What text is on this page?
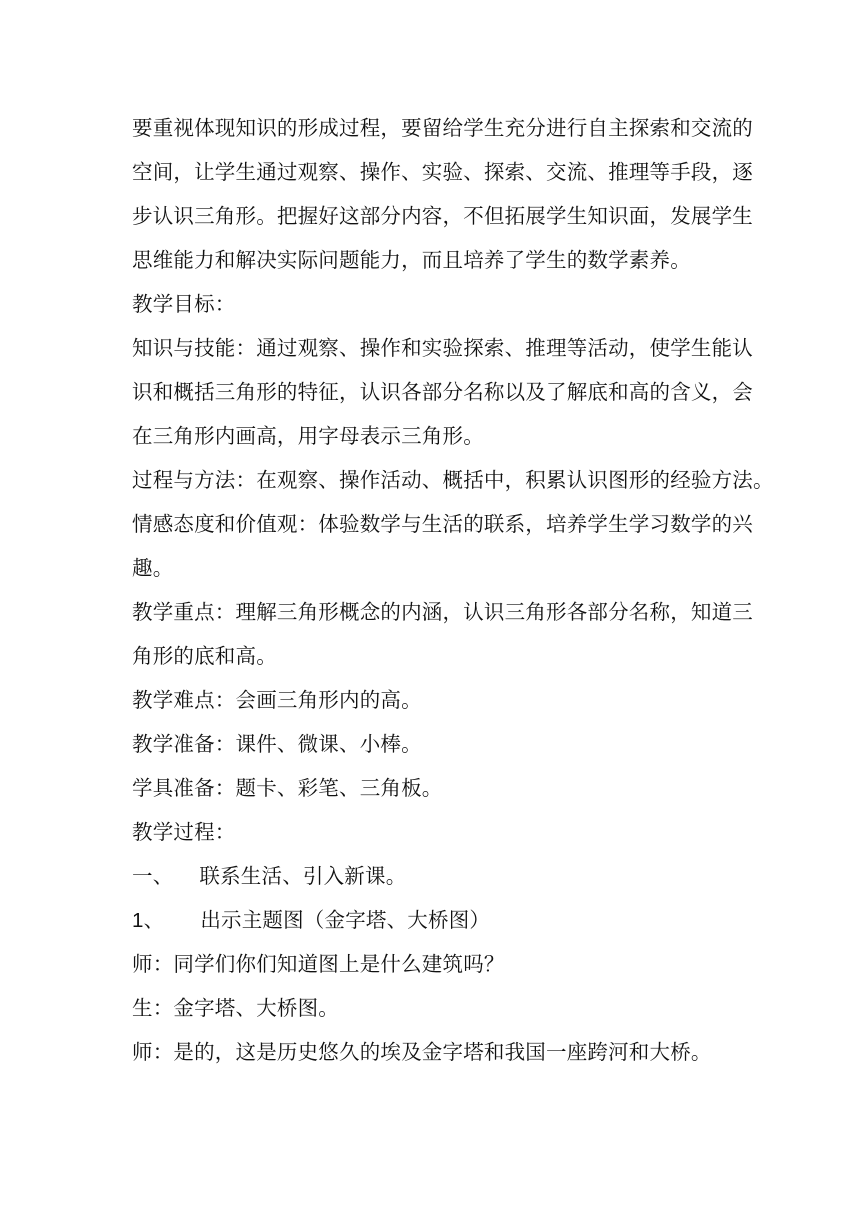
要重视体现知识的形成过程，要留给学生充分进行自主探索和交流的
空间，让学生通过观察、操作、实验、探索、交流、推理等手段，逐
步认识三角形。把握好这部分内容，不但拓展学生知识面，发展学生
思维能力和解决实际问题能力，而且培养了学生的数学素养。
教学目标：
知识与技能：通过观察、操作和实验探索、推理等活动，使学生能认
识和概括三角形的特征，认识各部分名称以及了解底和高的含义，会
在三角形内画高，用字母表示三角形。
过程与方法：在观察、操作活动、概括中，积累认识图形的经验方法。
情感态度和价值观：体验数学与生活的联系，培养学生学习数学的兴
趣。
教学重点：理解三角形概念的内涵，认识三角形各部分名称，知道三
角形的底和高。
教学难点：会画三角形内的高。
教学准备：课件、微课、小棒。
学具准备：题卡、彩笔、三角板。
教学过程：
一、 联系生活、引入新课。
1、 出示主题图（金字塔、大桥图）
师：同学们你们知道图上是什么建筑吗？
生：金字塔、大桥图。
师：是的，这是历史悠久的埃及金字塔和我国一座跨河和大桥。
